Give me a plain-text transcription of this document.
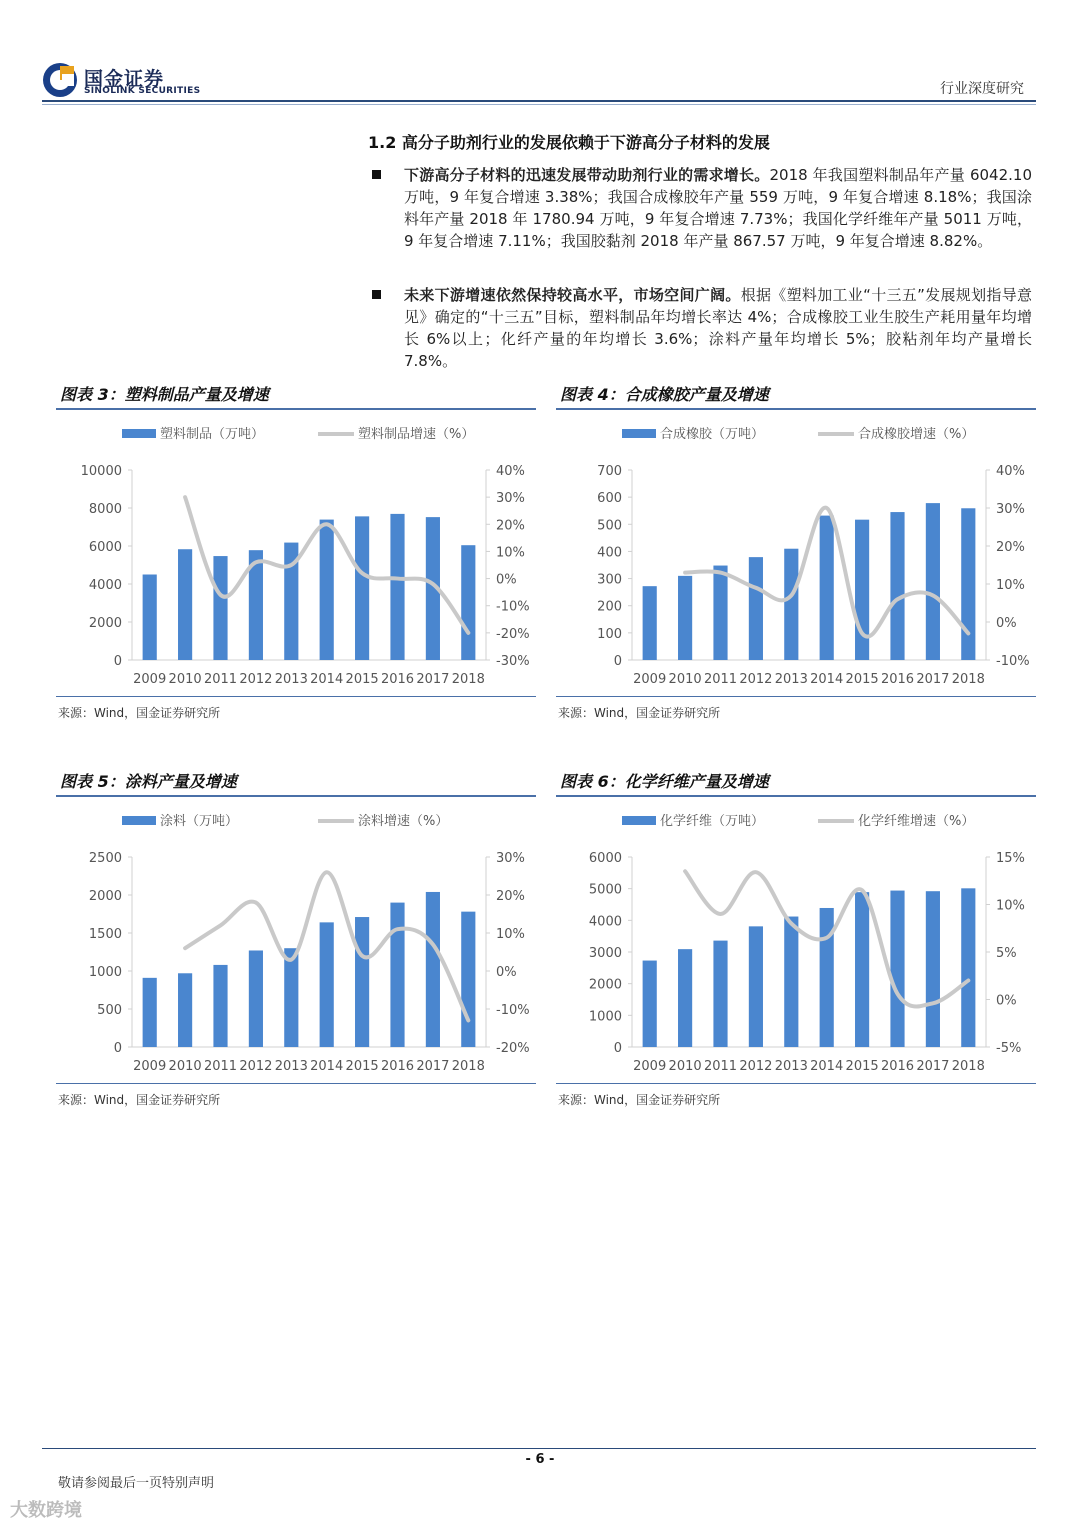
国金证券
SINOLINK SECURITIES	行业深度研究
1.2 高分子助剂行业的发展依赖于下游高分子材料的发展
下游高分子材料的迅速发展带动助剂行业的需求增长。2018 年我国塑料制品年产量 6042.10 万吨，9 年复合增速 3.38%；我国合成橡胶年产量 559 万吨，9 年复合增速 8.18%；我国涂料年产量 2018 年 1780.94 万吨，9 年复合增速 7.73%；我国化学纤维年产量 5011 万吨，9 年复合增速 7.11%；我国胶黏剂 2018 年产量 867.57 万吨，9 年复合增速 8.82%。
未来下游增速依然保持较高水平，市场空间广阔。根据《塑料加工业“十三五”发展规划指导意见》确定的“十三五”目标，塑料制品年均增长率达 4%；合成橡胶工业生胶生产耗用量年均增长 6%以上；化纤产量的年均增长 3.6%；涂料产量年均增长 5%；胶粘剂年均产量增长 7.8%。
图表 3：塑料制品产量及增速
塑料制品（万吨）	塑料制品增速（%）
0
2000
4000
6000
8000
10000
-30%
-20%
-10%
0%
10%
20%
30%
40%
2009 2010 2011 2012 2013 2014 2015 2016 2017 2018
来源：Wind，国金证券研究所
图表 4：合成橡胶产量及增速
合成橡胶（万吨）	合成橡胶增速（%）
0
100
200
300
400
500
600
700
-10%
0%
10%
20%
30%
40%
2009 2010 2011 2012 2013 2014 2015 2016 2017 2018
来源：Wind，国金证券研究所
图表 5：涂料产量及增速
涂料（万吨）	涂料增速（%）
0
500
1000
1500
2000
2500
-20%
-10%
0%
10%
20%
30%
2009 2010 2011 2012 2013 2014 2015 2016 2017 2018
来源：Wind，国金证券研究所
图表 6：化学纤维产量及增速
化学纤维（万吨）	化学纤维增速（%）
0
1000
2000
3000
4000
5000
6000
-5%
0%
5%
10%
15%
2009 2010 2011 2012 2013 2014 2015 2016 2017 2018
来源：Wind，国金证券研究所
- 6 -
敬请参阅最后一页特别声明
大数跨境
